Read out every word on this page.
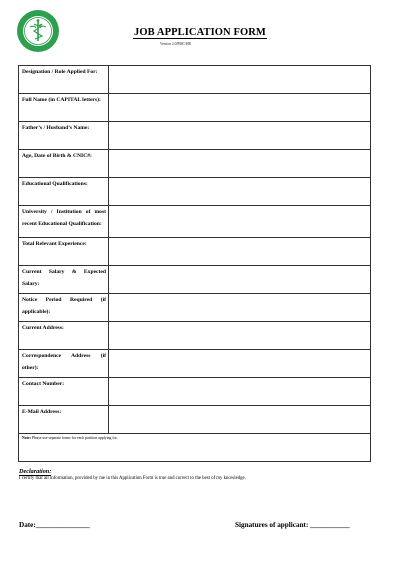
JOB APPLICATION FORM
Version 2.0/PMC/HR
Designation / Role Applied For:	

Full Name (in CAPITAL letters):	

Father’s / Husband’s Name:	

Age, Date of Birth & CNIC#:	

Educational Qualifications:	

University / Institution of most recent Educational Qualification:	

Total Relevant Experience:	

Current Salary & Expected Salary:	

Notice Period Required (if applicable):	

Current Address:	

Correspondence Address (if other):	

Contact Number:	

E-Mail Address:	

Note: Please use separate forms for each position applying for.	
Declaration:
I certify that all information, provided by me in this Application Form is true and correct to the best of my knowledge.
Date:_______________	Signatures of applicant: ___________
